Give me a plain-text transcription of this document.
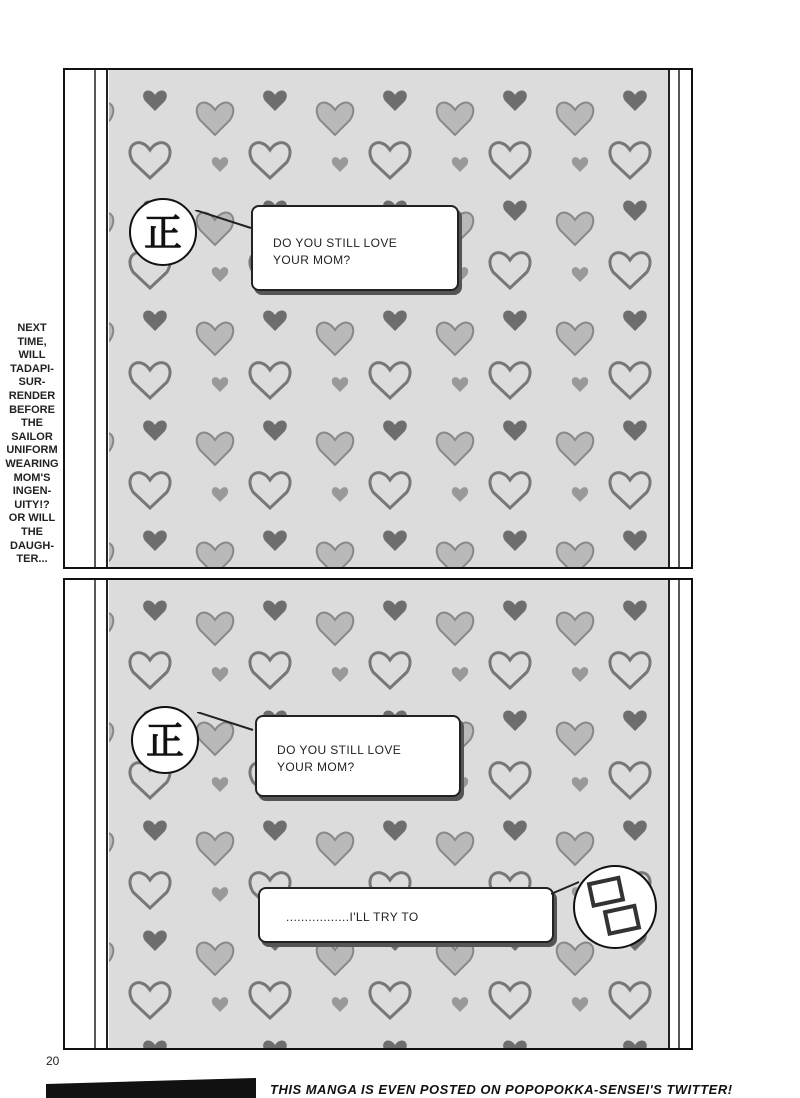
NEXT
TIME,
WILL
TADAPI-
SUR-
RENDER
BEFORE
THE
SAILOR
UNIFORM
WEARING
MOM'S
INGEN-
UITY!?
OR WILL
THE
DAUGH-
TER...
正	DO YOU STILL LOVE
YOUR MOM?
正	DO YOU STILL LOVE
YOUR MOM?
.................I'LL TRY TO	つ
20
THIS MANGA IS EVEN POSTED ON POPOPOKKA-SENSEI'S TWITTER!
